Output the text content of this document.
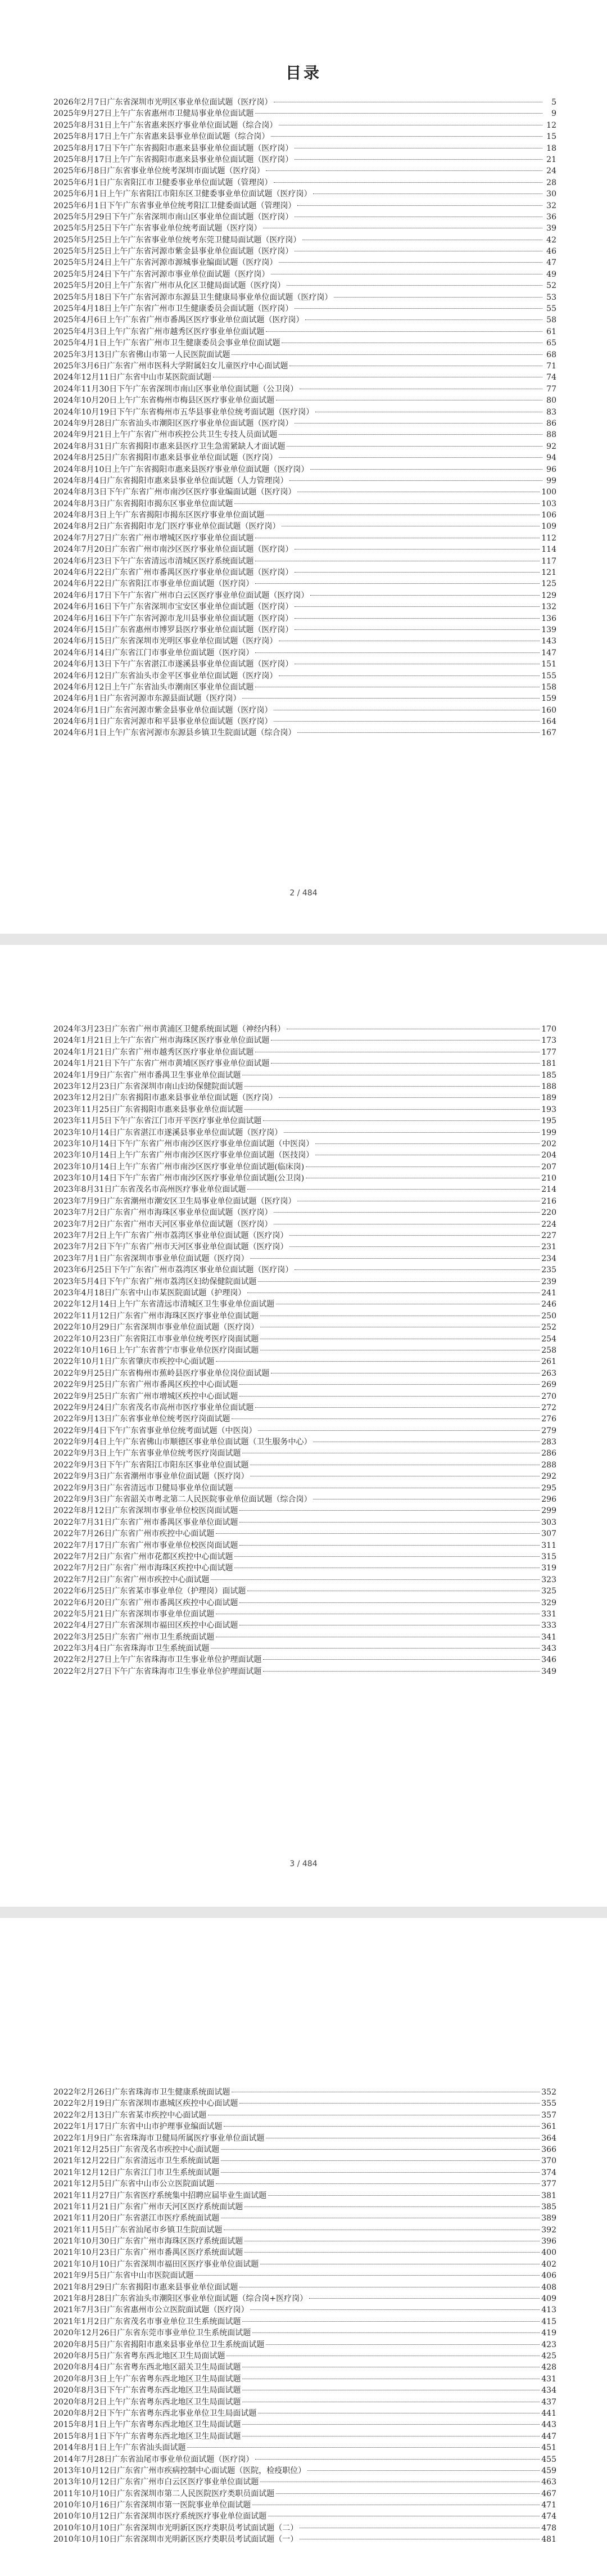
目录
2026年2月7日广东省深圳市光明区事业单位面试题（医疗岗）	5
2025年9月27日上午广东省惠州市卫健局事业单位面试题	9
2025年8月31日上午广东省惠来医疗事业单位面试题（综合岗）	12
2025年8月17日上午广东省惠来县事业单位面试题（综合岗）	15
2025年8月17日下午广东省揭阳市惠来县事业单位面试题（医疗岗）	18
2025年8月17日上午广东省揭阳市惠来县事业单位面试题（医疗岗）	21
2025年6月8日广东省事业单位统考深圳市面试题（医疗岗）	24
2025年6月1日广东省阳江市卫健委事业单位面试题（管理岗）	28
2025年6月1日上午广东省阳江市阳东区卫健委事业单位面试题（医疗岗）	30
2025年6月1日下午广东省事业单位统考阳江卫健委面试题（管理岗）	32
2025年5月29日下午广东省深圳市南山区事业单位面试题（医疗岗）	36
2025年5月25日下午广东省事业单位统考面试题（医疗岗）	39
2025年5月25日上午广东省事业单位统考东莞卫健局面试题（医疗岗）	42
2025年5月25日上午广东省河源市紫金县事业单位面试题（医疗岗）	46
2025年5月24日上午广东省河源市源城事业编面试题（医疗岗）	47
2025年5月24日下午广东省河源市事业单位面试题（医疗岗）	49
2025年5月20日上午广东省广州市从化区卫健局面试题（医疗岗）	52
2025年5月18日下午广东省河源市东源县卫生健康局事业单位面试题（医疗岗）	53
2025年4月18日上午广东省广州市卫生健康委员会面试题（医疗岗）	55
2025年4月6日上午广东省广州市番禺区医疗事业单位面试题（医疗岗）	58
2025年4月3日上午广东省广州市越秀区医疗事业单位面试题	61
2025年4月1日上午广东省广州市卫生健康委员会事业单位面试题	65
2025年3月13日广东省佛山市第一人民医院面试题	68
2025年3月6日广东省广州市医科大学附属妇女儿童医疗中心面试题	71
2024年12月11日广东省中山市某医院面试题	74
2024年11月30日下午广东省深圳市南山区事业单位面试题（公卫岗）	77
2024年10月20日上午广东省梅州市梅县区医疗事业单位面试题	80
2024年10月19日下午广东省梅州市五华县事业单位统考面试题（医疗岗）	83
2024年9月28日广东省汕头市潮阳区医疗事业单位面试题（医疗岗）	86
2024年9月21日上午广东省广州市疾控公共卫生专技人员面试题	88
2024年8月31日广东省揭阳市惠来县医疗卫生急需紧缺人才面试题	92
2024年8月25日广东省揭阳市惠来县事业单位面试题（医疗岗）	94
2024年8月10日上午广东省揭阳市惠来县医疗事业单位面试题（医疗岗）	96
2024年8月4日广东省揭阳市惠来县事业单位面试题（人力管理岗）	99
2024年8月3日下午广东省广州市南沙区医疗事业编面试题（医疗岗）	100
2024年8月3日广东省揭阳市揭东区事业单位面试题	103
2024年8月3日上午广东省揭阳市揭东区医疗事业单位面试题	106
2024年8月2日广东省揭阳市龙门医疗事业单位面试题（医疗岗）	109
2024年7月27日广东省广州市增城区医疗事业单位面试题	112
2024年7月20日广东省广州市南沙区医疗事业单位面试题（医疗岗）	114
2024年6月23日下午广东省清远市清城区医疗系统面试题	117
2024年6月22日广东省广州市番禺区医疗事业单位面试题（医疗岗）	121
2024年6月22日广东省阳江市事业单位面试题（医疗岗）	125
2024年6月17日下午广东省广州市白云区医疗事业单位面试题（医疗岗）	129
2024年6月16日下午广东省深圳市宝安区事业单位面试题（医疗岗）	132
2024年6月16日下午广东省河源市龙川县事业单位面试题（医疗岗）	136
2024年6月15日广东省惠州市博罗县医疗事业单位面试题（医疗岗）	139
2024年6月15日广东省深圳市光明区事业单位面试题（医疗岗）	143
2024年6月14日广东省江门市事业单位面试题（医疗岗）	147
2024年6月13日下午广东省湛江市遂溪县事业单位面试题（医疗岗）	151
2024年6月12日广东省汕头市金平区事业单位面试题（医疗岗）	155
2024年6月12日上午广东省汕头市潮南区事业单位面试题	158
2024年6月1日广东省河源市东源县面试题（医疗岗）	159
2024年6月1日广东省河源市紫金县事业单位面试题（医疗岗）	160
2024年6月1日广东省河源市和平县事业单位面试题（医疗岗）	164
2024年6月1日上午广东省河源市东源县乡镇卫生院面试题（综合岗）	167
2 / 484
2024年3月23日广东省广州市黄浦区卫健系统面试题（神经内科）	170
2024年1月21日上午广东省广州市海珠区医疗事业单位面试题	173
2024年1月21日广东省广州市越秀区医疗事业单位面试题	177
2024年1月21日下午广东省广州市黄埔区医疗事业单位面试题	181
2024年1月9日广东省广州市番禺卫生事业单位面试题	185
2023年12月23日广东省深圳市南山妇幼保健院面试题	188
2023年12月2日广东省揭阳市惠来县事业单位面试题（医疗岗）	189
2023年11月25日广东省揭阳市惠来县事业单位面试题	193
2023年11月5日下午广东省江门市开平医疗事业单位面试题	195
2023年10月14日广东省湛江市遂溪县事业单位面试题（医疗岗）	199
2023年10月14日下午广东省广州市南沙区医疗事业单位面试题（中医岗）	202
2023年10月14日上午广东省广州市南沙区医疗事业单位面试题（医技岗）	204
2023年10月14日上午广东省广州市南沙区医疗事业单位面试题(临床岗)	207
2023年10月14日下午广东省广州市南沙区医疗事业单位面试题(公卫岗)	210
2023年8月31日广东省茂名市高州医疗事业单位面试题	214
2023年7月9日广东省潮州市潮安区卫生局事业单位面试题（医疗岗）	216
2023年7月2日广东省广州市海珠区事业单位面试题（医疗岗）	220
2023年7月2日广东省广州市天河区事业单位面试题（医疗岗）	224
2023年7月2日上午广东省广州市荔湾区事业单位面试题（医疗岗）	227
2023年7月2日下午广东省广州市天河区事业单位面试题（医疗岗）	231
2023年7月1日广东省深圳市事业单位面试题（医疗岗）	234
2023年6月25日下午广东省广州市荔湾区事业单位面试题（医疗岗）	235
2023年5月4日下午广东省广州市荔湾区妇幼保健院面试题	239
2023年4月18日广东省中山市某医院面试题（护理岗）	241
2022年12月14日上午广东省清远市清城区卫生事业单位面试题	246
2022年11月12日广东省广州市海珠区医疗事业单位面试题	250
2022年10月29日广东省深圳市事业单位面试题（医疗岗）	252
2022年10月23日广东省阳江市事业单位统考医疗岗面试题	254
2022年10月16日上午广东省普宁市事业单位医疗岗面试题	258
2022年10月1日广东省肇庆市疾控中心面试题	261
2022年9月25日广东省梅州市蕉岭县医疗事业单位岗位面试题	263
2022年9月25日广东省广州市番禺区疾控中心面试题	269
2022年9月25日广东省广州市增城区疾控中心面试题	270
2022年9月24日广东省茂名市高州市医疗事业单位面试题	272
2022年9月13日广东省事业单位统考医疗岗面试题	276
2022年9月4日下午广东省事业单位统考面试题（中医岗）	279
2022年9月4日上午广东省佛山市顺德区事业单位面试题（卫生服务中心）	283
2022年9月3日上午广东省事业单位统考医疗岗面试题	286
2022年9月3日下午广东省阳江市阳东区事业单位面试题	288
2022年9月3日广东省潮州市事业单位面试题（医疗岗）	292
2022年9月3日广东省清远市卫健局事业单位面试题	295
2022年9月3日广东省韶关市粤北第二人民医院事业单位面试题（综合岗）	296
2022年8月12日广东省深圳市事业单位校医岗面试题	299
2022年7月31日广东省广州市番禺区事业单位面试题	303
2022年7月26日广东省广州市疾控中心面试题	307
2022年7月17日广东省广州市事业单位校医岗面试题	311
2022年7月2日广东省广州市花都区疾控中心面试题	315
2022年7月2日广东省广州市海珠区疾控中心面试题	319
2022年7月2日广东省广州市疾控中心面试题	323
2022年6月25日广东省某市事业单位（护理岗）面试题	325
2022年6月20日广东省广州市番禺区疾控中心面试题	329
2022年5月21日广东省深圳市事业单位面试题	331
2022年4月27日广东省深圳市福田区疾控中心面试题	333
2022年3月25日广东省广州市卫生系统面试题	341
2022年3月4日广东省珠海市卫生系统面试题	343
2022年2月27日上午广东省珠海市卫生事业单位护理面试题	346
2022年2月27日下午广东省珠海市卫生事业单位护理面试题	349
3 / 484
2022年2月26日广东省珠海市卫生健康系统面试题	352
2022年2月19日广东省深圳市惠城区疾控中心面试题	355
2022年2月13日广东省某市疾控中心面试题	357
2022年1月17日广东省中山市护理事业编面试题	361
2022年1月9日广东省珠海市卫健局所属医疗事业单位面试题	364
2021年12月25日广东省茂名市疾控中心面试题	366
2021年12月22日广东省清远市卫生系统面试题	370
2021年12月12日广东省江门市卫生系统面试题	374
2021年12月5日广东省中山市公立医院面试题	377
2021年11月27日广东省医疗系统集中招聘应届毕业生面试题	381
2021年11月21日广东省广州市天河区医疗系统面试题	385
2021年11月20日广东省湛江市医疗系统面试题	389
2021年11月5日广东省汕尾市乡镇卫生院面试题	392
2021年10月30日广东省广州市海珠区医疗系统面试题	396
2021年10月23日广东省广州市番禺区医疗系统面试题	400
2021年10月10日广东省深圳市福田区医疗事业单位面试题	402
2021年9月5日广东省中山市医院面试题	406
2021年8月29日广东省揭阳市惠来县事业单位面试题	408
2021年8月28日广东省汕头市潮阳区事业单位面试题（综合岗+医疗岗）	409
2021年7月3日广东省惠州市公立医院面试题（医疗岗）	413
2021年1月2日广东省茂名市事业单位卫生系统面试题	415
2020年12月26日广东省东莞市事业单位卫生系统面试题	419
2020年8月5日广东省揭阳市惠来县事业单位卫生系统面试题	423
2020年8月5日广东省粤东西北地区卫生局面试题	425
2020年8月4日广东省粤东西北地区韶关卫生局面试题	428
2020年8月3日上午广东省粤东西北地区卫生局面试题	431
2020年8月3日下午广东省粤东西北地区卫生局面试题	434
2020年8月2日上午广东省粤东西北地区卫生局面试题	437
2020年8月2日下午广东省粤东西北事业单位卫生局面试题	441
2015年8月1日上午广东省粤东西北地区卫生局面试题	443
2015年8月1日下午广东省粤东西北地区卫生局面试题	447
2014年8月1日上午广东省汕头面试题	451
2014年7月28日广东省汕尾市事业单位面试题（医疗岗）	455
2013年10月12日广东省广州市疾病控制中心面试题（医院，检疫职位）	459
2013年10月12日广东省广州市白云区医疗事业单位面试题	463
2011年10月10日广东省深圳市第二人民医院医疗类职员面试题	467
2010年10月16日广东省深圳市第一医院事业单位面试题	471
2010年10月12日广东省深圳市医疗系统医疗事业单位面试题	474
2010年10月10日广东省深圳市光明新区医疗类职员考试面试题（二）	478
2010年10月10日广东省深圳市光明新区医疗类职员考试面试题（一）	481
